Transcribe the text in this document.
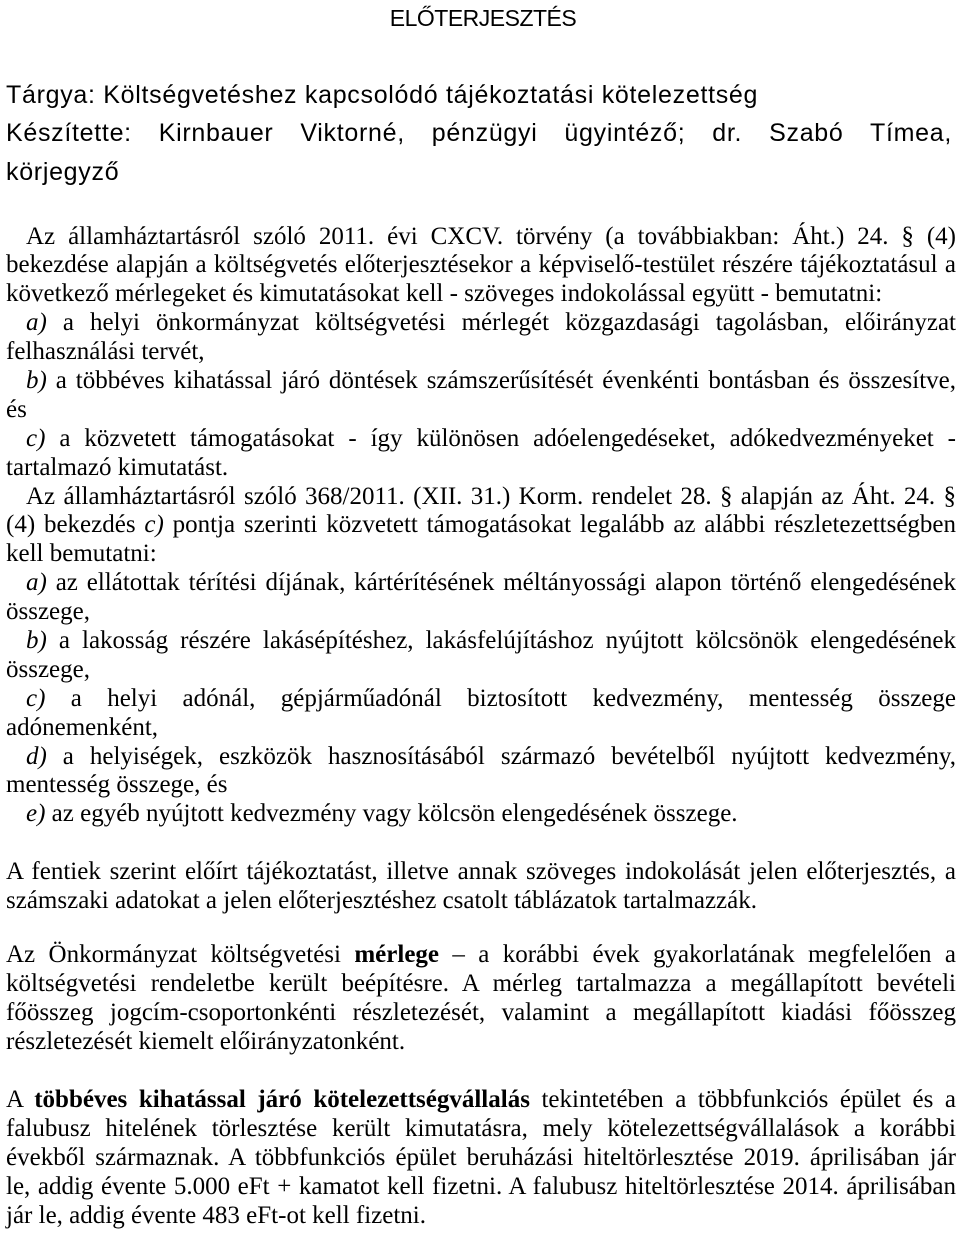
ELŐTERJESZTÉS
Tárgya: Költségvetéshez kapcsolódó tájékoztatási kötelezettség
Készítette: Kirnbauer Viktorné, pénzügyi ügyintéző; dr. Szabó Tímea,
körjegyző
Az államháztartásról szóló 2011. évi CXCV. törvény (a továbbiakban: Áht.) 24. § (4)
bekezdése alapján a költségvetés előterjesztésekor a képviselő-testület részére tájékoztatásul a
következő mérlegeket és kimutatásokat kell - szöveges indokolással együtt - bemutatni:
a) a helyi önkormányzat költségvetési mérlegét közgazdasági tagolásban, előirányzat
felhasználási tervét,
b) a többéves kihatással járó döntések számszerűsítését évenkénti bontásban és összesítve,
és
c) a közvetett támogatásokat - így különösen adóelengedéseket, adókedvezményeket -
tartalmazó kimutatást.
Az államháztartásról szóló 368/2011. (XII. 31.) Korm. rendelet 28. § alapján az Áht. 24. §
(4) bekezdés c) pontja szerinti közvetett támogatásokat legalább az alábbi részletezettségben
kell bemutatni:
a) az ellátottak térítési díjának, kártérítésének méltányossági alapon történő elengedésének
összege,
b) a lakosság részére lakásépítéshez, lakásfelújításhoz nyújtott kölcsönök elengedésének
összege,
c) a helyi adónál, gépjárműadónál biztosított kedvezmény, mentesség összege
adónemenként,
d) a helyiségek, eszközök hasznosításából származó bevételből nyújtott kedvezmény,
mentesség összege, és
e) az egyéb nyújtott kedvezmény vagy kölcsön elengedésének összege.
A fentiek szerint előírt tájékoztatást, illetve annak szöveges indokolását jelen előterjesztés, a
számszaki adatokat a jelen előterjesztéshez csatolt táblázatok tartalmazzák.
Az Önkormányzat költségvetési mérlege – a korábbi évek gyakorlatának megfelelően a
költségvetési rendeletbe került beépítésre. A mérleg tartalmazza a megállapított bevételi
főösszeg jogcím-csoportonkénti részletezését, valamint a megállapított kiadási főösszeg
részletezését kiemelt előirányzatonként.
A többéves kihatással járó kötelezettségvállalás tekintetében a többfunkciós épület és a
falubusz hitelének törlesztése került kimutatásra, mely kötelezettségvállalások a korábbi
évekből származnak. A többfunkciós épület beruházási hiteltörlesztése 2019. áprilisában jár
le, addig évente 5.000 eFt + kamatot kell fizetni. A falubusz hiteltörlesztése 2014. áprilisában
jár le, addig évente 483 eFt-ot kell fizetni.
